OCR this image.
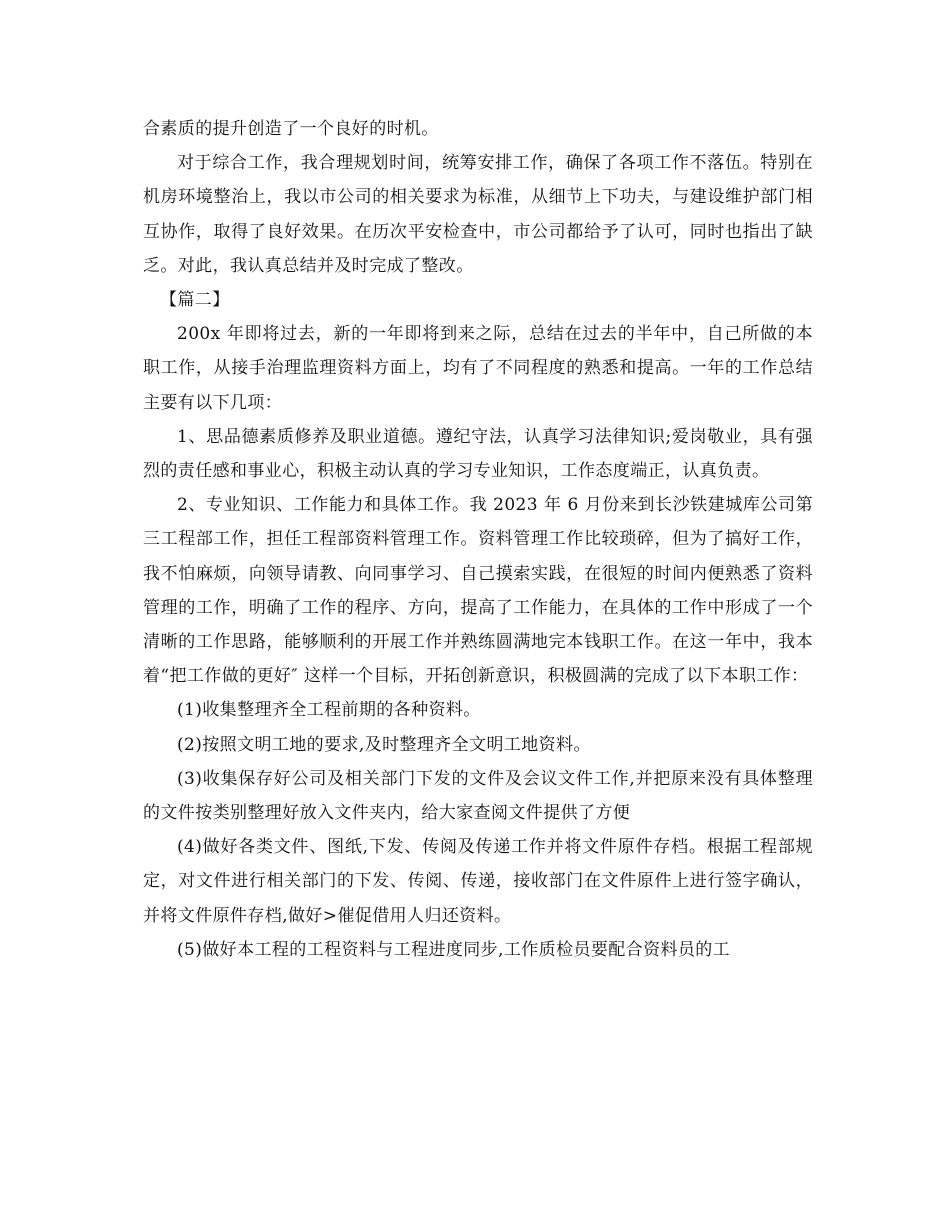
合素质的提升创造了一个良好的时机。

对于综合工作，我合理规划时间，统筹安排工作，确保了各项工作不落伍。特别在机房环境整治上，我以市公司的相关要求为标准，从细节上下功夫，与建设维护部门相互协作，取得了良好效果。在历次平安检查中，市公司都给予了认可，同时也指出了缺乏。对此，我认真总结并及时完成了整改。

【篇二】

200x 年即将过去，新的一年即将到来之际，总结在过去的半年中，自己所做的本职工作，从接手治理监理资料方面上，均有了不同程度的熟悉和提高。一年的工作总结主要有以下几项：

1、思品德素质修养及职业道德。遵纪守法，认真学习法律知识;爱岗敬业，具有强烈的责任感和事业心，积极主动认真的学习专业知识，工作态度端正，认真负责。

2、专业知识、工作能力和具体工作。我 2023 年 6 月份来到长沙铁建城库公司第三工程部工作，担任工程部资料管理工作。资料管理工作比较琐碎，但为了搞好工作，我不怕麻烦，向领导请教、向同事学习、自己摸索实践，在很短的时间内便熟悉了资料管理的工作，明确了工作的程序、方向，提高了工作能力，在具体的工作中形成了一个清晰的工作思路，能够顺利的开展工作并熟练圆满地完本钱职工作。在这一年中，我本着“把工作做的更好″ 这样一个目标，开拓创新意识，积极圆满的完成了以下本职工作：

(1)收集整理齐全工程前期的各种资料。

(2)按照文明工地的要求,及时整理齐全文明工地资料。

(3)收集保存好公司及相关部门下发的文件及会议文件工作,并把原来没有具体整理的文件按类别整理好放入文件夹内，给大家查阅文件提供了方便

(4)做好各类文件、图纸,下发、传阅及传递工作并将文件原件存档。根据工程部规定，对文件进行相关部门的下发、传阅、传递，接收部门在文件原件上进行签字确认，并将文件原件存档,做好>催促借用人归还资料。

(5)做好本工程的工程资料与工程进度同步,工作质检员要配合资料员的工
